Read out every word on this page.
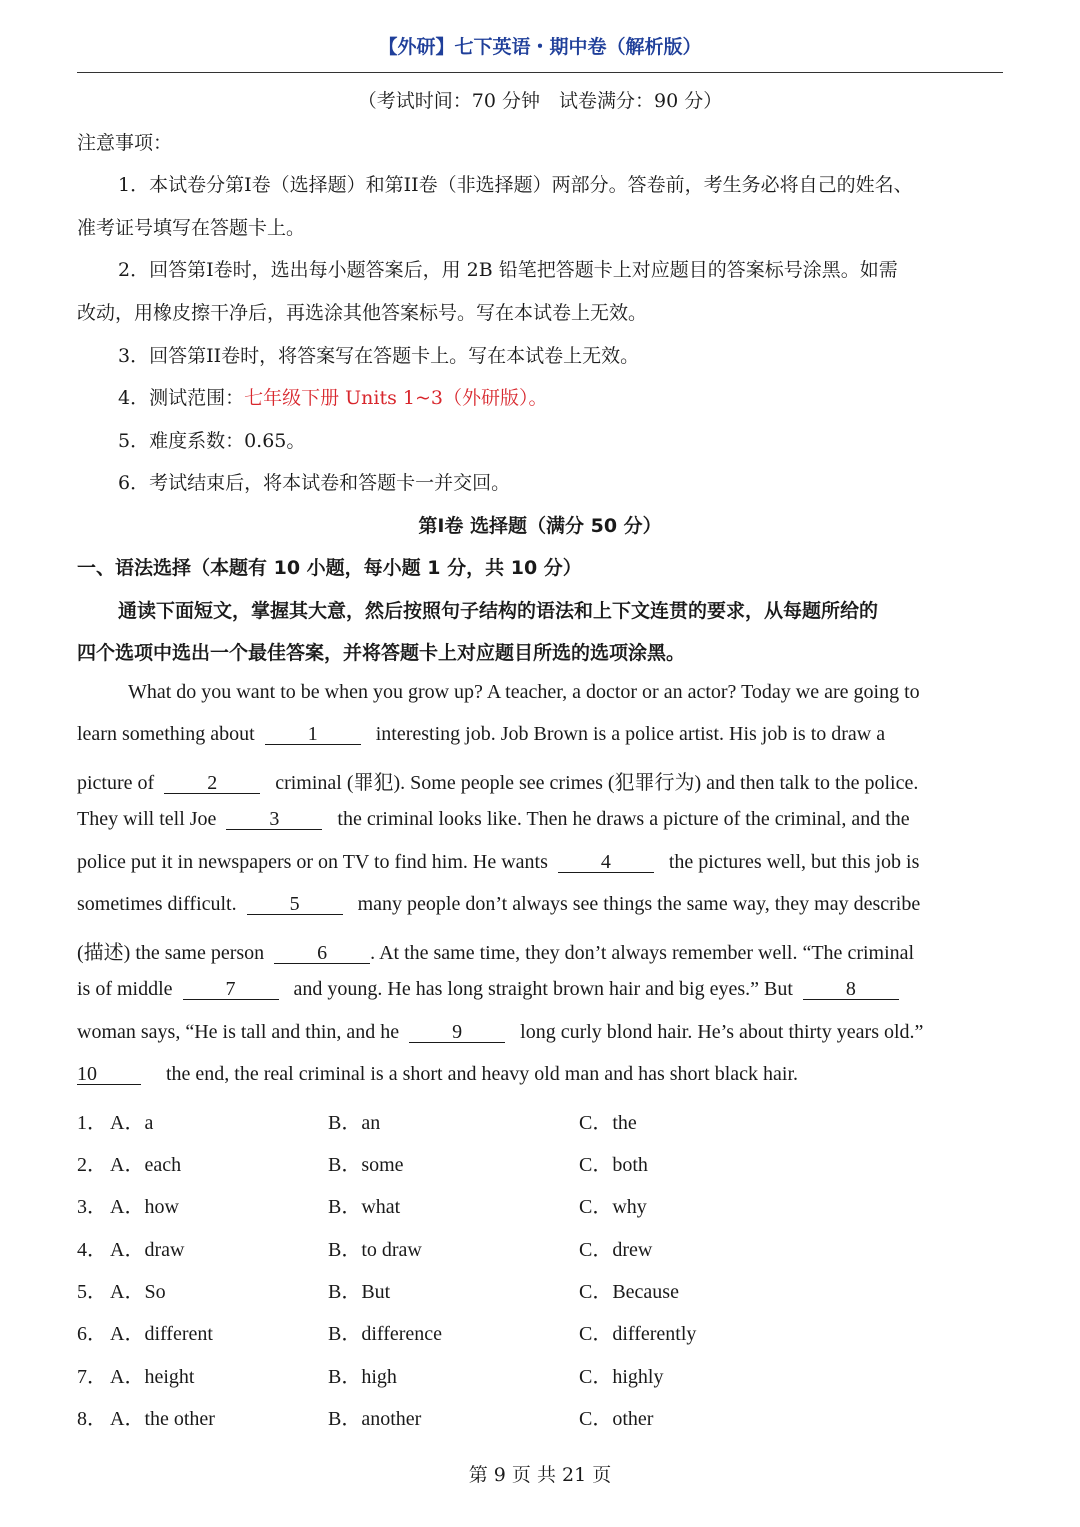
【外研】七下英语・期中卷（解析版）
（考试时间：70 分钟　试卷满分：90 分）
注意事项：
1．本试卷分第I卷（选择题）和第II卷（非选择题）两部分。答卷前，考生务必将自己的姓名、
准考证号填写在答题卡上。
2．回答第I卷时，选出每小题答案后，用 2B 铅笔把答题卡上对应题目的答案标号涂黑。如需
改动，用橡皮擦干净后，再选涂其他答案标号。写在本试卷上无效。
3．回答第II卷时，将答案写在答题卡上。写在本试卷上无效。
4．测试范围：七年级下册 Units 1~3（外研版）。
5．难度系数：0.65。
6．考试结束后，将本试卷和答题卡一并交回。
第I卷 选择题（满分 50 分）
一、语法选择（本题有 10 小题，每小题 1 分，共 10 分）
通读下面短文，掌握其大意，然后按照句子结构的语法和上下文连贯的要求，从每题所给的
四个选项中选出一个最佳答案，并将答题卡上对应题目所选的选项涂黑。
What do you want to be when you grow up? A teacher, a doctor or an actor? Today we are going to
learn something about	1	interesting job. Job Brown is a police artist. His job is to draw a
picture of	2	criminal (罪犯). Some people see crimes (犯罪行为) and then talk to the police.
They will tell Joe	3	the criminal looks like. Then he draws a picture of the criminal, and the
police put it in newspapers or on TV to find him. He wants	4	the pictures well, but this job is
sometimes difficult.	5	many people don’t always see things the same way, they may describe
(描述) the same person	6 . At the same time, they don’t always remember well. “The criminal
is of middle	7	and young. He has long straight brown hair and big eyes.” But	8
woman says, “He is tall and thin, and he	9	long curly blond hair. He’s about thirty years old.”
10	the end, the real criminal is a short and heavy old man and has short black hair.
1． A．a	B．an	C．the
2． A．each	B．some	C．both
3． A．how	B．what	C．why
4． A．draw	B．to draw	C．drew
5． A．So	B．But	C．Because
6． A．different	B．difference	C．differently
7． A．height	B．high	C．highly
8． A．the other	B．another	C．other
第 9 页 共 21 页
